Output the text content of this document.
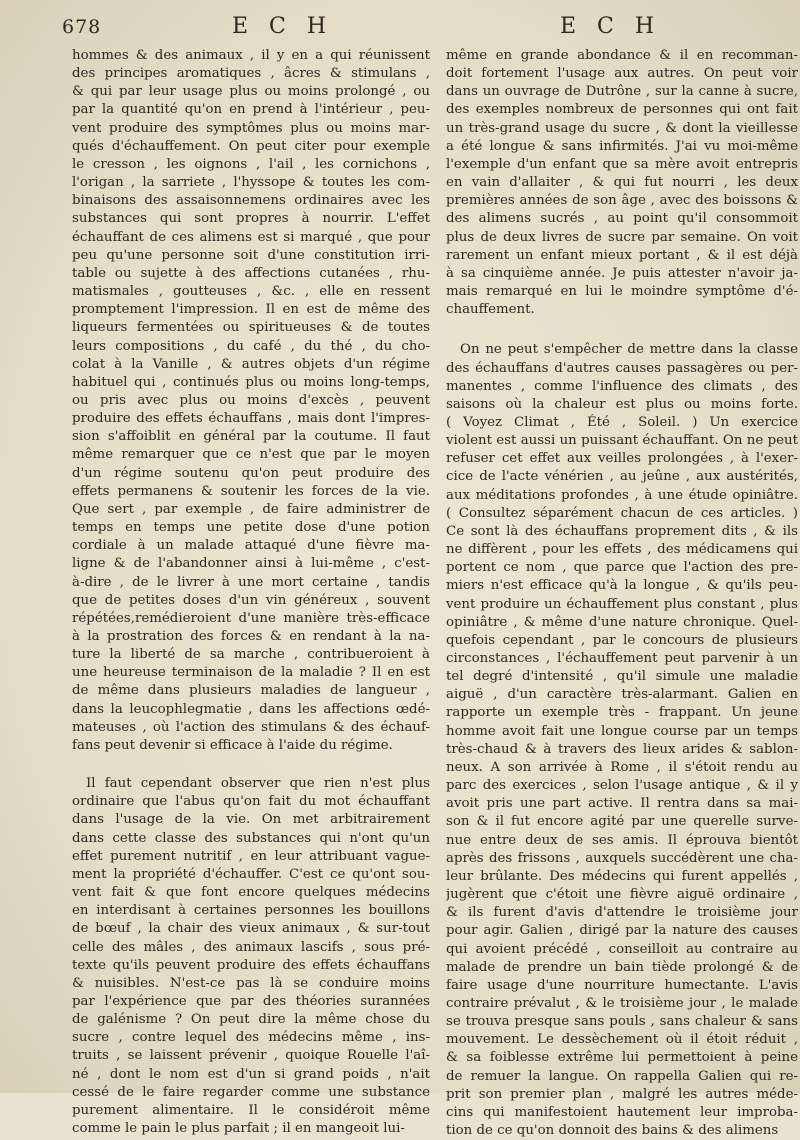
678	E C H	E C H
hommes & des animaux , il y en a qui réunissent
des principes aromatiques , âcres & stimulans ,
& qui par leur usage plus ou moins prolongé , ou
par la quantité qu'on en prend à l'intérieur , peu-
vent produire des symptômes plus ou moins mar-
qués d'échauffement. On peut citer pour exemple
le cresson , les oignons , l'ail , les cornichons ,
l'origan , la sarriete , l'hyssope & toutes les com-
binaisons des assaisonnemens ordinaires avec les
substances qui sont propres à nourrir. L'effet
échauffant de ces alimens est si marqué , que pour
peu qu'une personne soit d'une constitution irri-
table ou sujette à des affections cutanées , rhu-
matismales , goutteuses , &c. , elle en ressent
promptement l'impression. Il en est de même des
liqueurs fermentées ou spiritueuses & de toutes
leurs compositions , du café , du thé , du cho-
colat à la Vanille , & autres objets d'un régime
habituel qui , continués plus ou moins long-temps,
ou pris avec plus ou moins d'excès , peuvent
produire des effets échauffans , mais dont l'impres-
sion s'affoiblit en général par la coutume. Il faut
même remarquer que ce n'est que par le moyen
d'un régime soutenu qu'on peut produire des
effets permanens & soutenir les forces de la vie.
Que sert , par exemple , de faire administrer de
temps en temps une petite dose d'une potion
cordiale à un malade attaqué d'une fièvre ma-
ligne & de l'abandonner ainsi à lui-même , c'est-
à-dire , de le livrer à une mort certaine , tandis
que de petites doses d'un vin généreux , souvent
répétées,remédieroient d'une manière très-efficace
à la prostration des forces & en rendant à la na-
ture la liberté de sa marche , contribueroient à
une heureuse terminaison de la maladie ? Il en est
de même dans plusieurs maladies de langueur ,
dans la leucophlegmatie , dans les affections œdé-
mateuses , où l'action des stimulans & des échauf-
fans peut devenir si efficace à l'aide du régime.
Il faut cependant observer que rien n'est plus
ordinaire que l'abus qu'on fait du mot échauffant
dans l'usage de la vie. On met arbitrairement
dans cette classe des substances qui n'ont qu'un
effet purement nutritif , en leur attribuant vague-
ment la propriété d'échauffer. C'est ce qu'ont sou-
vent fait & que font encore quelques médecins
en interdisant à certaines personnes les bouillons
de bœuf , la chair des vieux animaux , & sur-tout
celle des mâles , des animaux lascifs , sous pré-
texte qu'ils peuvent produire des effets échauffans
& nuisibles. N'est-ce pas là se conduire moins
par l'expérience que par des théories surannées
de galénisme ? On peut dire la même chose du
sucre , contre lequel des médecins même , ins-
truits , se laissent prévenir , quoique Rouelle l'aî-
né , dont le nom est d'un si grand poids , n'ait
cessé de le faire regarder comme une substance
purement alimentaire. Il le considéroit même
comme le pain le plus parfait ; il en mangeoit lui-
même en grande abondance & il en recomman-
doit fortement l'usage aux autres. On peut voir
dans un ouvrage de Dutrône , sur la canne à sucre,
des exemples nombreux de personnes qui ont fait
un très-grand usage du sucre , & dont la vieillesse
a été longue & sans infirmités. J'ai vu moi-même
l'exemple d'un enfant que sa mère avoit entrepris
en vain d'allaiter , & qui fut nourri , les deux
premières années de son âge , avec des boissons &
des alimens sucrés , au point qu'il consommoit
plus de deux livres de sucre par semaine. On voit
rarement un enfant mieux portant , & il est déjà
à sa cinquième année. Je puis attester n'avoir ja-
mais remarqué en lui le moindre symptôme d'é-
chauffement.
On ne peut s'empêcher de mettre dans la classe
des échauffans d'autres causes passagères ou per-
manentes , comme l'influence des climats , des
saisons où la chaleur est plus ou moins forte.
( Voyez Climat , Été , Soleil. ) Un exercice
violent est aussi un puissant échauffant. On ne peut
refuser cet effet aux veilles prolongées , à l'exer-
cice de l'acte vénérien , au jeûne , aux austérités,
aux méditations profondes , à une étude opiniâtre.
( Consultez séparément chacun de ces articles. )
Ce sont là des échauffans proprement dits , & ils
ne diffèrent , pour les effets , des médicamens qui
portent ce nom , que parce que l'action des pre-
miers n'est efficace qu'à la longue , & qu'ils peu-
vent produire un échauffement plus constant , plus
opiniâtre , & même d'une nature chronique. Quel-
quefois cependant , par le concours de plusieurs
circonstances , l'échauffement peut parvenir à un
tel degré d'intensité , qu'il simule une maladie
aiguë , d'un caractère très-alarmant. Galien en
rapporte un exemple très - frappant. Un jeune
homme avoit fait une longue course par un temps
très-chaud & à travers des lieux arides & sablon-
neux. A son arrivée à Rome , il s'étoit rendu au
parc des exercices , selon l'usage antique , & il y
avoit pris une part active. Il rentra dans sa mai-
son & il fut encore agité par une querelle surve-
nue entre deux de ses amis. Il éprouva bientôt
après des frissons , auxquels succédèrent une cha-
leur brûlante. Des médecins qui furent appellés ,
jugèrent que c'étoit une fièvre aiguë ordinaire ,
& ils furent d'avis d'attendre le troisième jour
pour agir. Galien , dirigé par la nature des causes
qui avoient précédé , conseilloit au contraire au
malade de prendre un bain tiède prolongé & de
faire usage d'une nourriture humectante. L'avis
contraire prévalut , & le troisième jour , le malade
se trouva presque sans pouls , sans chaleur & sans
mouvement. Le dessèchement où il étoit réduit ,
& sa foiblesse extrême lui permettoient à peine
de remuer la langue. On rappella Galien qui re-
prit son premier plan , malgré les autres méde-
cins qui manifestoient hautement leur improba-
tion de ce qu'on donnoit des bains & des alimens
